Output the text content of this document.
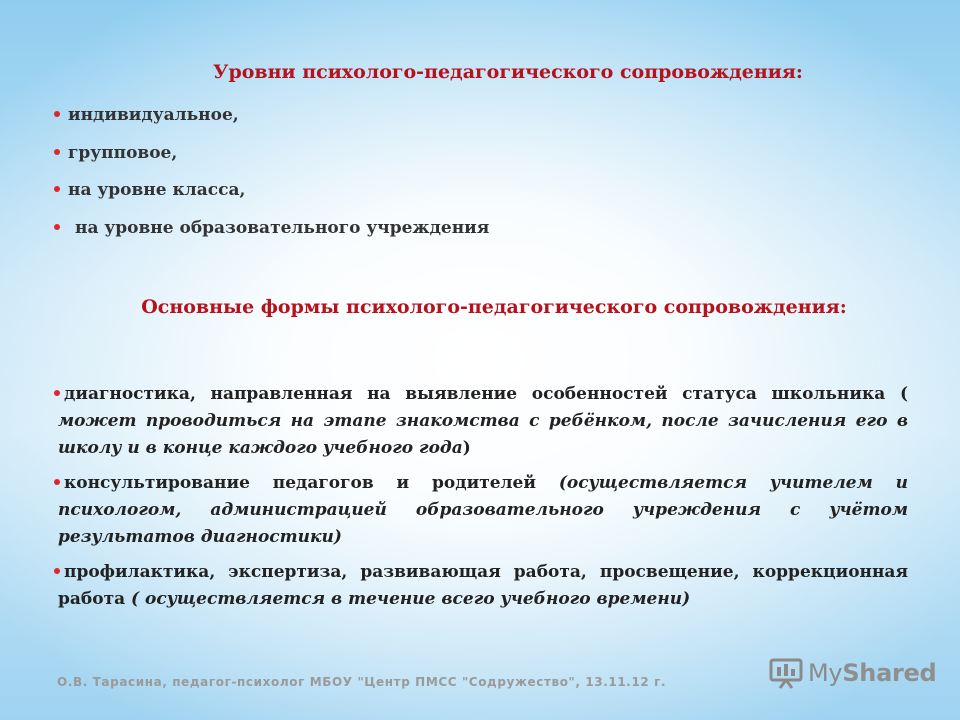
Уровни психолого-педагогического сопровождения:
индивидуальное,
групповое,
на уровне класса,
на уровне образовательного учреждения
Основные формы психолого-педагогического сопровождения:
диагностика, направленная на выявление особенностей статуса школьника ( может проводиться на этапе знакомства с ребёнком, после зачисления его в школу и в конце каждого учебного года)
консультирование педагогов и родителей (осуществляется учителем и психологом, администрацией образовательного учреждения с учётом результатов диагностики)
профилактика, экспертиза, развивающая работа, просвещение, коррекционная работа ( осуществляется в течение всего учебного времени)
О.В. Тарасина, педагог-психолог МБОУ "Центр ПМСС "Содружество", 13.11.12 г.	MyShared
